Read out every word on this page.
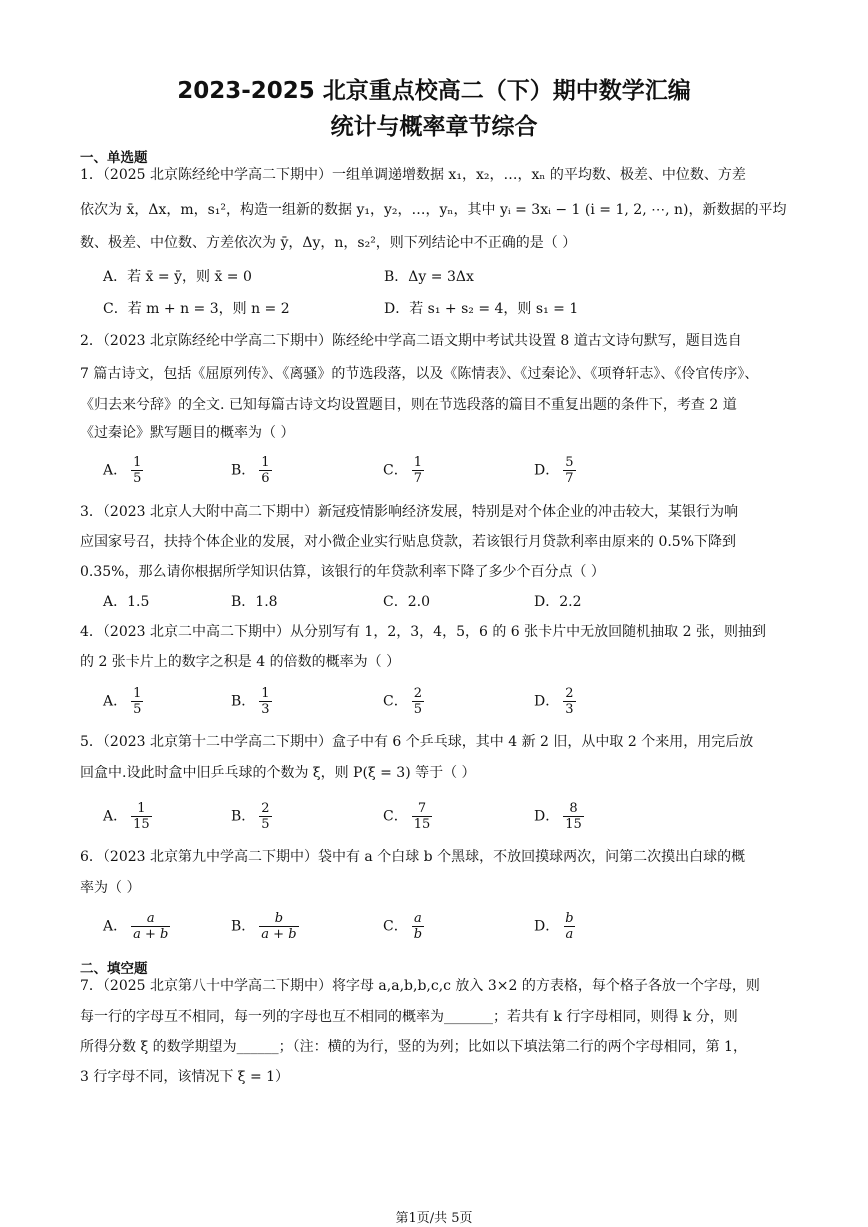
2023-2025 北京重点校高二（下）期中数学汇编
统计与概率章节综合
一、单选题
1．（2025 北京陈经纶中学高二下期中）一组单调递增数据 x₁，x₂，…，xₙ 的平均数、极差、中位数、方差
依次为 x̄，Δx，m，s₁²，构造一组新的数据 y₁，y₂，…，yₙ，其中 yᵢ = 3xᵢ − 1 (i = 1, 2, ⋯, n)，新数据的平均
数、极差、中位数、方差依次为 ȳ，Δy，n，s₂²，则下列结论中不正确的是（ ）
A．若 x̄ = ȳ，则 x̄ = 0	B．Δy = 3Δx
C．若 m + n = 3，则 n = 2	D．若 s₁ + s₂ = 4，则 s₁ = 1
2．（2023 北京陈经纶中学高二下期中）陈经纶中学高二语文期中考试共设置 8 道古文诗句默写，题目选自
7 篇古诗文，包括《屈原列传》、《离骚》的节选段落，以及《陈情表》、《过秦论》、《项脊轩志》、《伶官传序》、
《归去来兮辞》的全文. 已知每篇古诗文均设置题目，则在节选段落的篇目不重复出题的条件下，考查 2 道
《过秦论》默写题目的概率为（ ）
A． $\frac{1}{5}$	B． $\frac{1}{6}$	C． $\frac{1}{7}$	D． $\frac{5}{7}$
3．（2023 北京人大附中高二下期中）新冠疫情影响经济发展，特别是对个体企业的冲击较大，某银行为响
应国家号召，扶持个体企业的发展，对小微企业实行贴息贷款，若该银行月贷款利率由原来的 0.5%下降到
0.35%，那么请你根据所学知识估算，该银行的年贷款利率下降了多少个百分点（ ）
A．1.5	B．1.8	C．2.0	D．2.2
4．（2023 北京二中高二下期中）从分别写有 1，2，3，4，5，6 的 6 张卡片中无放回随机抽取 2 张，则抽到
的 2 张卡片上的数字之积是 4 的倍数的概率为（ ）
A． $\frac{1}{5}$	B． $\frac{1}{3}$	C． $\frac{2}{5}$	D． $\frac{2}{3}$
5．（2023 北京第十二中学高二下期中）盒子中有 6 个乒乓球，其中 4 新 2 旧，从中取 2 个来用，用完后放
回盒中.设此时盒中旧乒乓球的个数为 ξ，则 P(ξ = 3) 等于（ ）
A． $\frac{1}{15}$	B． $\frac{2}{5}$	C． $\frac{7}{15}$	D． $\frac{8}{15}$
6．（2023 北京第九中学高二下期中）袋中有 a 个白球 b 个黑球，不放回摸球两次，问第二次摸出白球的概
率为（ ）
A． $\frac{a}{a + b}$	B． $\frac{b}{a + b}$	C． $\frac{a}{b}$	D． $\frac{b}{a}$
二、填空题
7．（2025 北京第八十中学高二下期中）将字母 a,a,b,b,c,c 放入 3×2 的方表格，每个格子各放一个字母，则
每一行的字母互不相同，每一列的字母也互不相同的概率为_______；若共有 k 行字母相同，则得 k 分，则
所得分数 ξ 的数学期望为______；（注：横的为行，竖的为列；比如以下填法第二行的两个字母相同，第 1，
3 行字母不同，该情况下 ξ = 1）
第1页/共 5页
